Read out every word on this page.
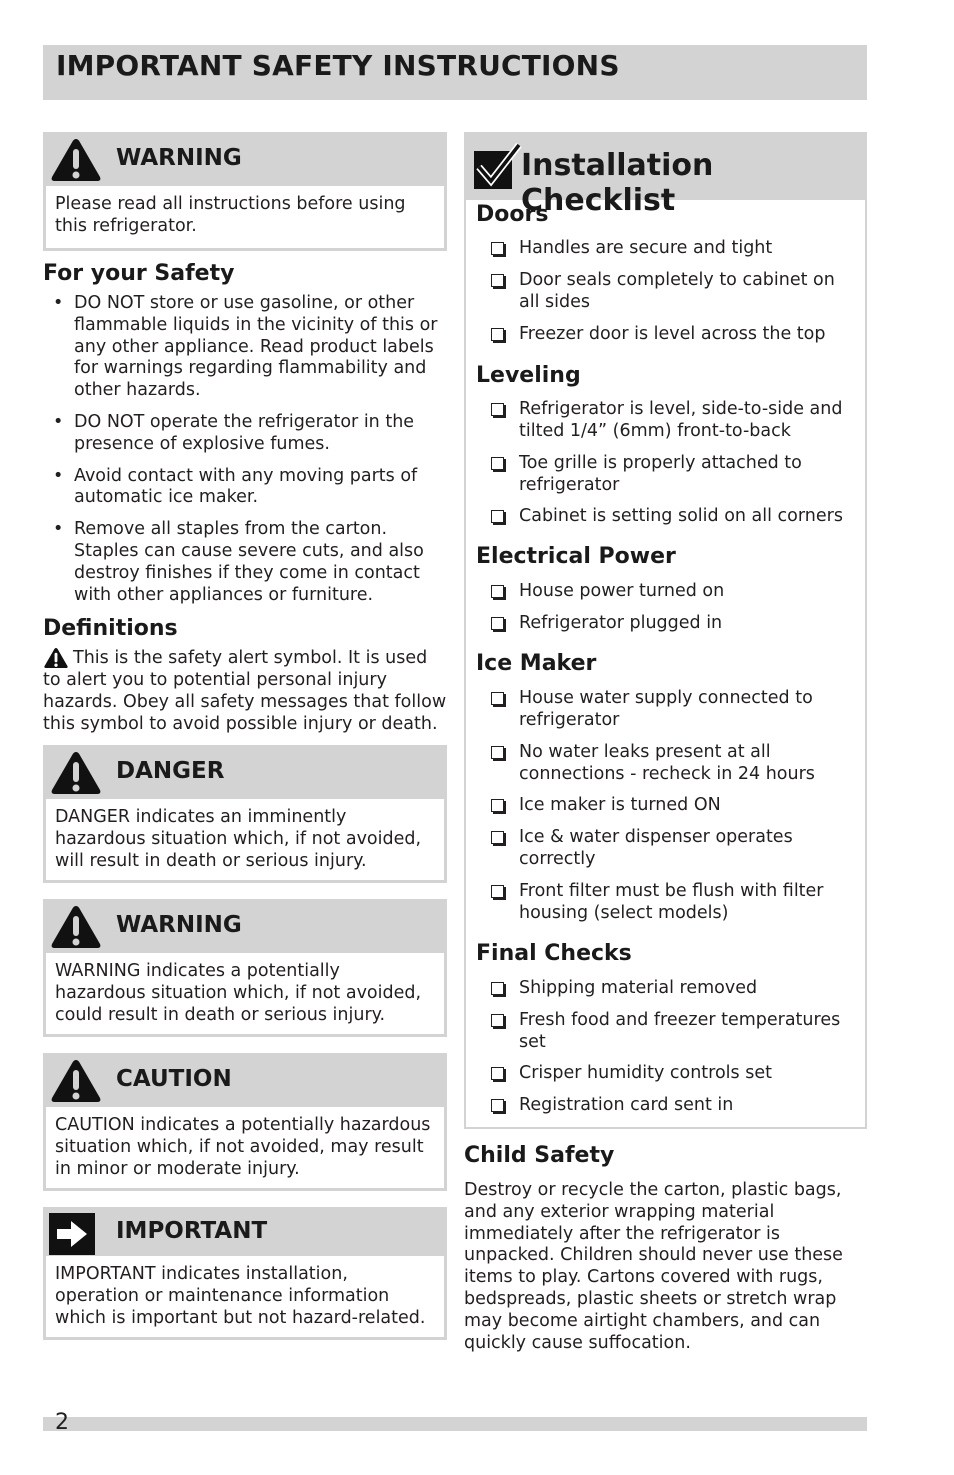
IMPORTANT SAFETY INSTRUCTIONS
WARNING
Please read all instructions before using this refrigerator.
For your Safety
• DO NOT store or use gasoline, or other flammable liquids in the vicinity of this or any other appliance. Read product labels for warnings regarding flammability and other hazards.
• DO NOT operate the refrigerator in the presence of explosive fumes.
• Avoid contact with any moving parts of automatic ice maker.
• Remove all staples from the carton. Staples can cause severe cuts, and also destroy finishes if they come in contact with other appliances or furniture.
Definitions
This is the safety alert symbol. It is used to alert you to potential personal injury hazards. Obey all safety messages that follow this symbol to avoid possible injury or death.
DANGER
DANGER indicates an imminently hazardous situation which, if not avoided, will result in death or serious injury.
WARNING
WARNING indicates a potentially hazardous situation which, if not avoided, could result in death or serious injury.
CAUTION
CAUTION indicates a potentially hazardous situation which, if not avoided, may result in minor or moderate injury.
IMPORTANT
IMPORTANT indicates installation, operation or maintenance information which is important but not hazard-related.
Installation Checklist
Doors
Handles are secure and tight
Door seals completely to cabinet on all sides
Freezer door is level across the top
Leveling
Refrigerator is level, side-to-side and tilted 1/4” (6mm) front-to-back
Toe grille is properly attached to refrigerator
Cabinet is setting solid on all corners
Electrical Power
House power turned on
Refrigerator plugged in
Ice Maker
House water supply connected to refrigerator
No water leaks present at all connections - recheck in 24 hours
Ice maker is turned ON
Ice & water dispenser operates correctly
Front filter must be flush with filter housing (select models)
Final Checks
Shipping material removed
Fresh food and freezer temperatures set
Crisper humidity controls set
Registration card sent in
Child Safety
Destroy or recycle the carton, plastic bags, and any exterior wrapping material immediately after the refrigerator is unpacked. Children should never use these items to play. Cartons covered with rugs, bedspreads, plastic sheets or stretch wrap may become airtight chambers, and can quickly cause suffocation.
2
